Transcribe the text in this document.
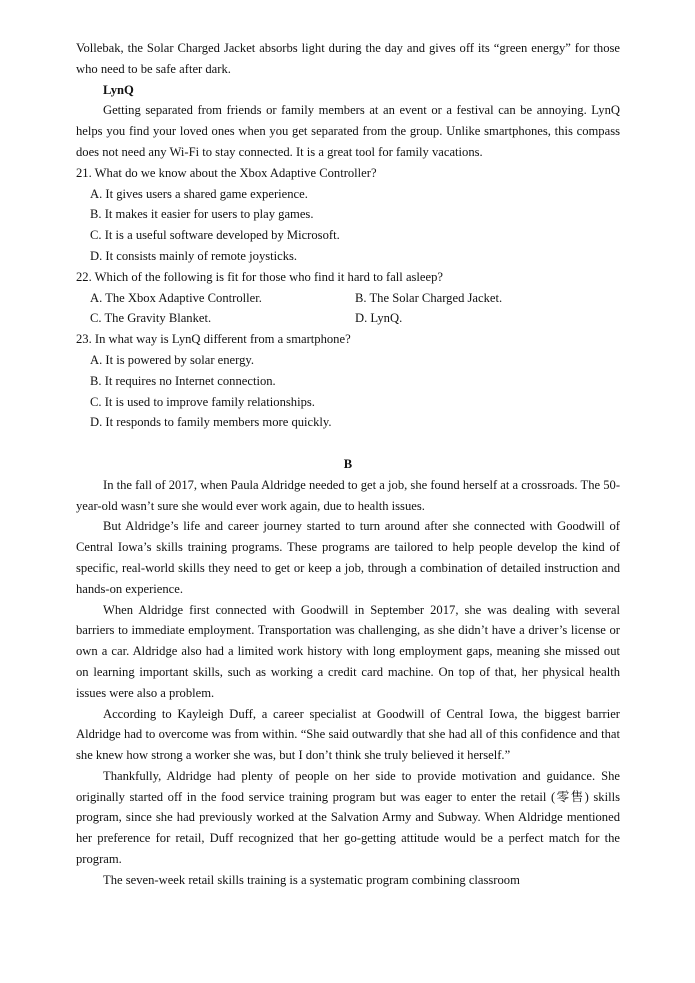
Vollebak, the Solar Charged Jacket absorbs light during the day and gives off its “green energy” for those who need to be safe after dark.

LynQ

Getting separated from friends or family members at an event or a festival can be annoying. LynQ helps you find your loved ones when you get separated from the group. Unlike smartphones, this compass does not need any Wi-Fi to stay connected. It is a great tool for family vacations.

21. What do we know about the Xbox Adaptive Controller?

A. It gives users a shared game experience.

B. It makes it easier for users to play games.

C. It is a useful software developed by Microsoft.

D. It consists mainly of remote joysticks.

22. Which of the following is fit for those who find it hard to fall asleep?

A. The Xbox Adaptive Controller.	B. The Solar Charged Jacket.
C. The Gravity Blanket.	D. LynQ.

23. In what way is LynQ different from a smartphone?

A. It is powered by solar energy.

B. It requires no Internet connection.

C. It is used to improve family relationships.

D. It responds to family members more quickly.

B

In the fall of 2017, when Paula Aldridge needed to get a job, she found herself at a crossroads. The 50-year-old wasn’t sure she would ever work again, due to health issues.

But Aldridge’s life and career journey started to turn around after she connected with Goodwill of Central Iowa’s skills training programs. These programs are tailored to help people develop the kind of specific, real-world skills they need to get or keep a job, through a combination of detailed instruction and hands-on experience.

When Aldridge first connected with Goodwill in September 2017, she was dealing with several barriers to immediate employment. Transportation was challenging, as she didn’t have a driver’s license or own a car. Aldridge also had a limited work history with long employment gaps, meaning she missed out on learning important skills, such as working a credit card machine. On top of that, her physical health issues were also a problem.

According to Kayleigh Duff, a career specialist at Goodwill of Central Iowa, the biggest barrier Aldridge had to overcome was from within. “She said outwardly that she had all of this confidence and that she knew how strong a worker she was, but I don’t think she truly believed it herself.”

Thankfully, Aldridge had plenty of people on her side to provide motivation and guidance. She originally started off in the food service training program but was eager to enter the retail (零售) skills program, since she had previously worked at the Salvation Army and Subway. When Aldridge mentioned her preference for retail, Duff recognized that her go-getting attitude would be a perfect match for the program.

The seven-week retail skills training is a systematic program combining classroom
